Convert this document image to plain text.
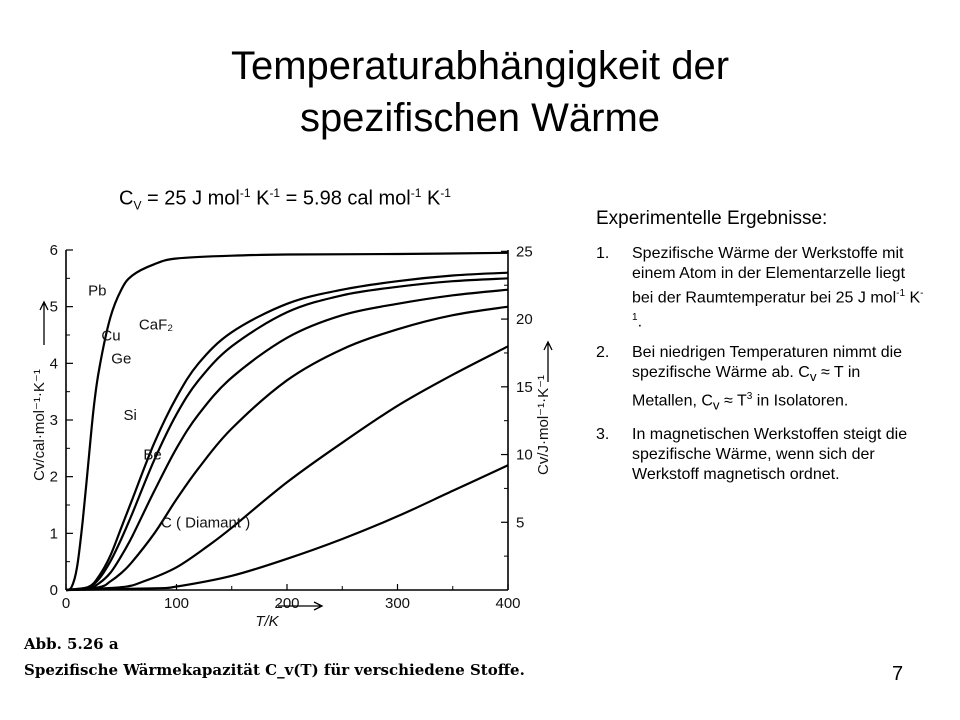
Temperaturabhängigkeit der
spezifischen Wärme
$C_V = 25$ J mol$^{-1}$ $K^{-1} = 5.98$ cal mol$^{-1}$ $K^{-1}$
Experimentelle Ergebnisse:
1. Spezifische Wärme der Werkstoffe mit einem Atom in der Elementarzelle liegt bei der Raumtemperatur bei 25 J mol$^{-1}$ $K^{-1}$.
2. Bei niedrigen Temperaturen nimmt die spezifische Wärme ab. $C_v \approx T$ in Metallen, $C_v \approx T^3$ in Isolatoren.
3. In magnetischen Werkstoffen steigt die spezifische Wärme, wenn sich der Werkstoff magnetisch ordnet.
0	100	200	300	400
0
1
2
3
4
5
6
5
10
15
20
25
T/K
Cv/cal·mol⁻¹·K⁻¹	Cv/J·mol⁻¹·K⁻¹
Pb
Cu
Ge
CaF₂
Si
Be
C ( Diamant )
Abb. 5.26 a
Spezifische Wärmekapazität C_v(T) für verschiedene Stoffe.	7
